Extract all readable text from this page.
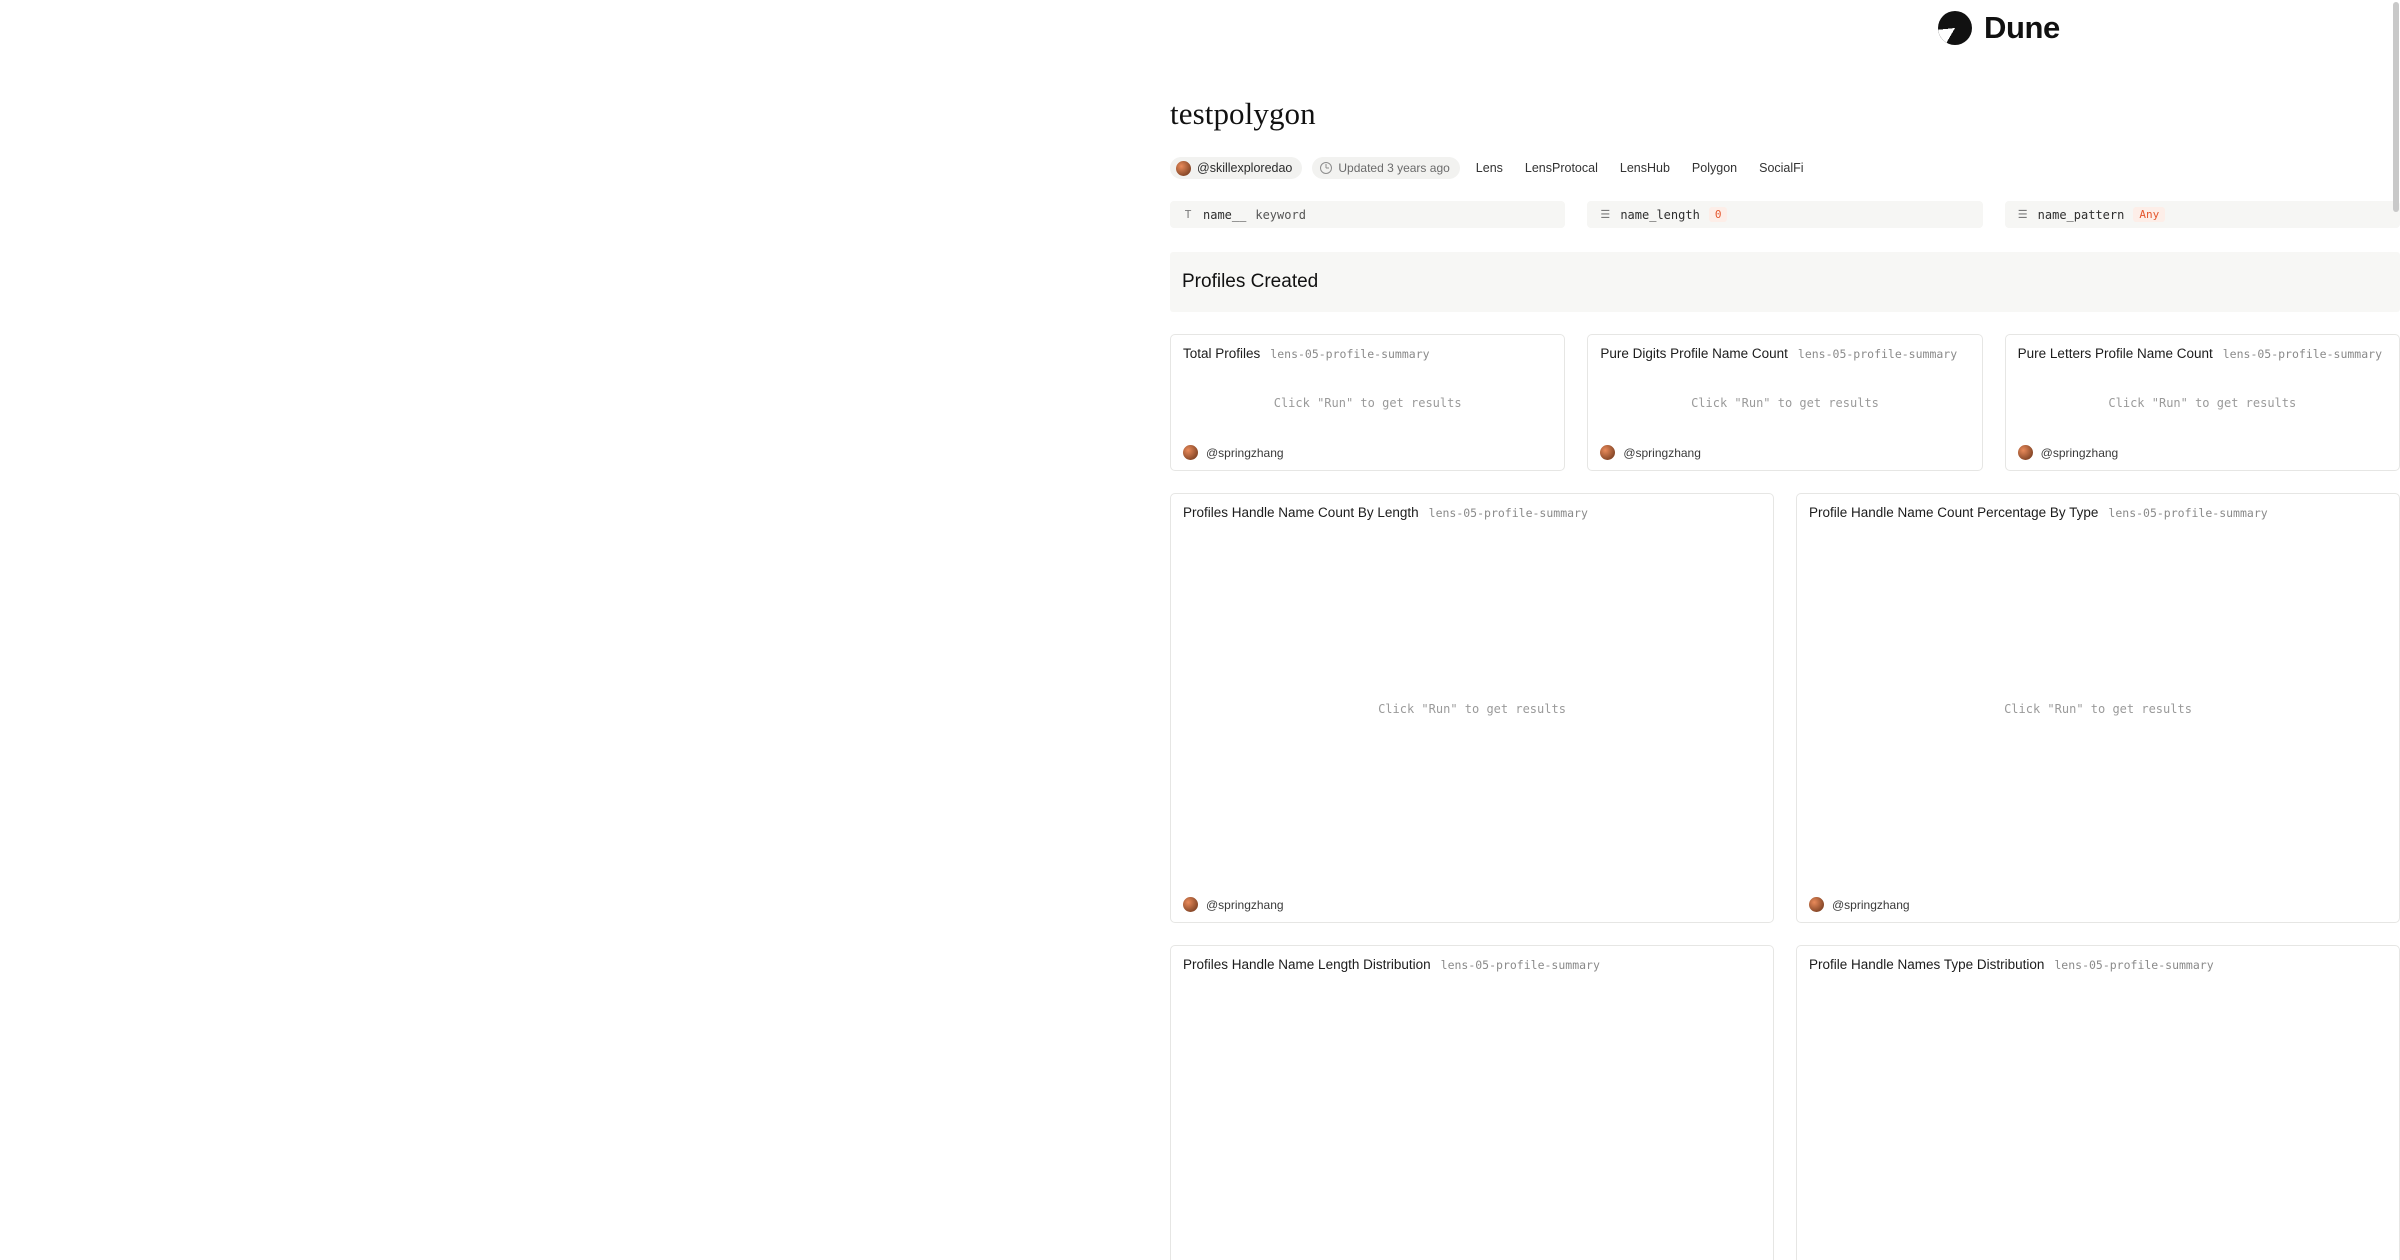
Dune
testpolygon
@skillexploredao	Updated 3 years ago	Lens	LensProtocal	LensHub	Polygon	SocialFi
T name__ keyword	☰ name_length	0	☰ name_pattern	Any
Profiles Created
Total Profiles lens-05-profile-summary
Click "Run" to get results
@springzhang
Pure Digits Profile Name Count lens-05-profile-summary
Click "Run" to get results
@springzhang
Pure Letters Profile Name Count lens-05-profile-summary
Click "Run" to get results
@springzhang
Profiles Handle Name Count By Length lens-05-profile-summary
Click "Run" to get results
@springzhang
Profile Handle Name Count Percentage By Type lens-05-profile-summary
Click "Run" to get results
@springzhang
Profiles Handle Name Length Distribution lens-05-profile-summary	Profile Handle Names Type Distribution lens-05-profile-summary
